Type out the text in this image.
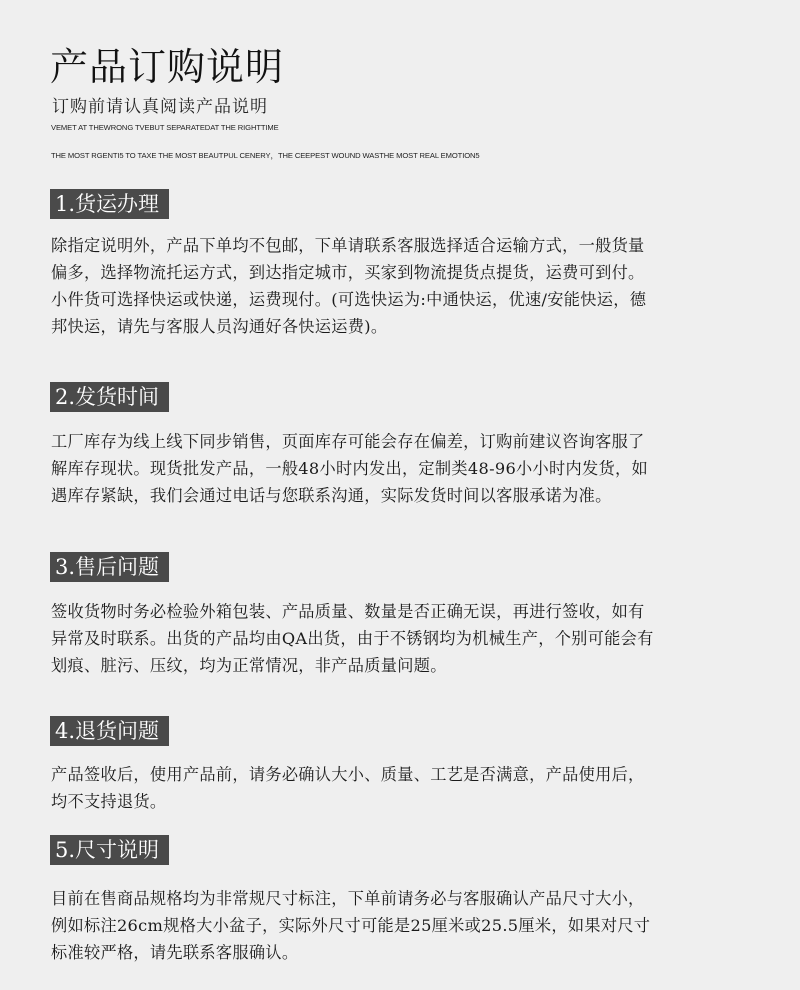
产品订购说明
订购前请认真阅读产品说明
VEMET AT THEWRONG TVEBUT SEPARATEDAT THE RIGHTTIME
THE MOST RGENTI5 TO TAXE THE MOST BEAUTPUL CENERY，THE CEEPEST WOUND WASTHE MOST REAL EMOTION5
1.货运办理
除指定说明外，产品下单均不包邮，下单请联系客服选择适合运输方式，一般货量
偏多，选择物流托运方式，到达指定城市，买家到物流提货点提货，运费可到付。
小件货可选择快运或快递，运费现付。(可选快运为:中通快运，优速/安能快运，德
邦快运，请先与客服人员沟通好各快运运费)。
2.发货时间
工厂库存为线上线下同步销售，页面库存可能会存在偏差，订购前建议咨询客服了
解库存现状。现货批发产品，一般48小时内发出，定制类48-96小小时内发货，如
遇库存紧缺，我们会通过电话与您联系沟通，实际发货时间以客服承诺为准。
3.售后问题
签收货物时务必检验外箱包装、产品质量、数量是否正确无误，再进行签收，如有
异常及时联系。出货的产品均由QA出货，由于不锈钢均为机械生产，个别可能会有
划痕、脏污、压纹，均为正常情况，非产品质量问题。
4.退货问题
产品签收后，使用产品前，请务必确认大小、质量、工艺是否满意，产品使用后，
均不支持退货。
5.尺寸说明
目前在售商品规格均为非常规尺寸标注，下单前请务必与客服确认产品尺寸大小，
例如标注26cm规格大小盆子，实际外尺寸可能是25厘米或25.5厘米，如果对尺寸
标准较严格，请先联系客服确认。
